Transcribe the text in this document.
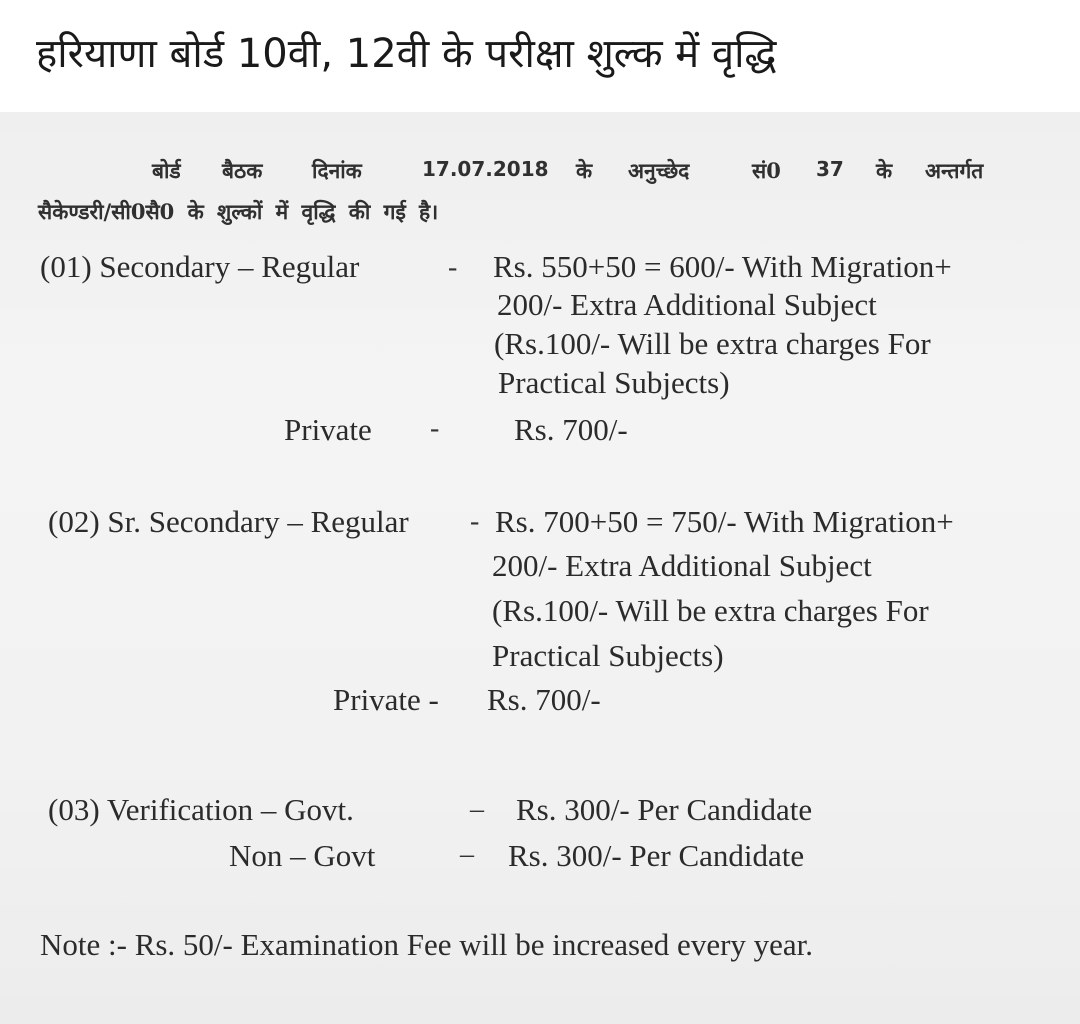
हरियाणा बोर्ड 10वी, 12वी के परीक्षा शुल्क में वृद्धि
बोर्ड बैठक दिनांक	17.07.2018 के अनुच्छेद	सं0 37 के अन्तर्गत
सैकेण्डरी/सी0सै0 के शुल्कों में वृद्धि की गई है।
(01) Secondary – Regular	- Rs. 550+50 = 600/- With Migration+
200/- Extra Additional Subject
(Rs.100/- Will be extra charges For
Practical Subjects)
Private - Rs. 700/-
(02) Sr. Secondary – Regular - Rs. 700+50 = 750/- With Migration+
200/- Extra Additional Subject
(Rs.100/- Will be extra charges For
Practical Subjects)
Private - Rs. 700/-
(03) Verification – Govt.	– Rs. 300/- Per Candidate
Non – Govt	– Rs. 300/- Per Candidate
Note :- Rs. 50/- Examination Fee will be increased every year.
